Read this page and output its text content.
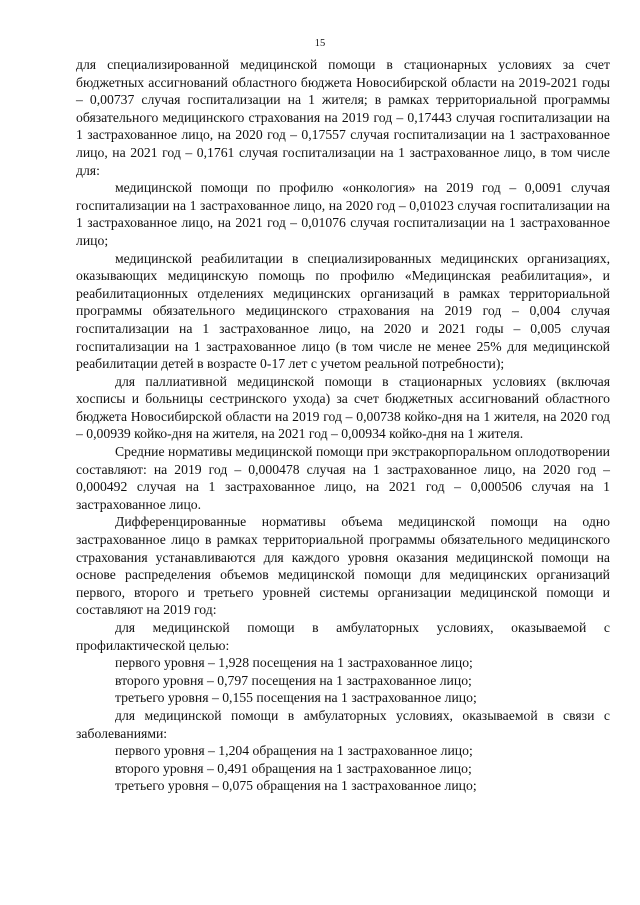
15

для специализированной медицинской помощи в стационарных условиях за счет бюджетных ассигнований областного бюджета Новосибирской области на 2019-2021 годы – 0,00737 случая госпитализации на 1 жителя; в рамках территориальной программы обязательного медицинского страхования на 2019 год – 0,17443 случая госпитализации на 1 застрахованное лицо, на 2020 год – 0,17557 случая госпитализации на 1 застрахованное лицо, на 2021 год – 0,1761 случая госпитализации на 1 застрахованное лицо, в том числе для:

медицинской помощи по профилю «онкология» на 2019 год – 0,0091 случая госпитализации на 1 застрахованное лицо, на 2020 год – 0,01023 случая госпитализации на 1 застрахованное лицо, на 2021 год – 0,01076 случая госпитализации на 1 застрахованное лицо;

медицинской реабилитации в специализированных медицинских организациях, оказывающих медицинскую помощь по профилю «Медицинская реабилитация», и реабилитационных отделениях медицинских организаций в рамках территориальной программы обязательного медицинского страхования на 2019 год – 0,004 случая госпитализации на 1 застрахованное лицо, на 2020 и 2021 годы – 0,005 случая госпитализации на 1 застрахованное лицо (в том числе не менее 25% для медицинской реабилитации детей в возрасте 0-17 лет с учетом реальной потребности);

для паллиативной медицинской помощи в стационарных условиях (включая хосписы и больницы сестринского ухода) за счет бюджетных ассигнований областного бюджета Новосибирской области на 2019 год – 0,00738 койко-дня на 1 жителя, на 2020 год – 0,00939 койко-дня на жителя, на 2021 год – 0,00934 койко-дня на 1 жителя.

Средние нормативы медицинской помощи при экстракорпоральном оплодотворении составляют: на 2019 год – 0,000478 случая на 1 застрахованное лицо, на 2020 год – 0,000492 случая на 1 застрахованное лицо, на 2021 год – 0,000506 случая на 1 застрахованное лицо.

Дифференцированные нормативы объема медицинской помощи на одно застрахованное лицо в рамках территориальной программы обязательного медицинского страхования устанавливаются для каждого уровня оказания медицинской помощи на основе распределения объемов медицинской помощи для медицинских организаций первого, второго и третьего уровней системы организации медицинской помощи и составляют на 2019 год:

для медицинской помощи в амбулаторных условиях, оказываемой с профилактической целью:

первого уровня – 1,928 посещения на 1 застрахованное лицо;

второго уровня – 0,797 посещения на 1 застрахованное лицо;

третьего уровня – 0,155 посещения на 1 застрахованное лицо;

для медицинской помощи в амбулаторных условиях, оказываемой в связи с заболеваниями:

первого уровня – 1,204 обращения на 1 застрахованное лицо;

второго уровня – 0,491 обращения на 1 застрахованное лицо;

третьего уровня – 0,075 обращения на 1 застрахованное лицо;
